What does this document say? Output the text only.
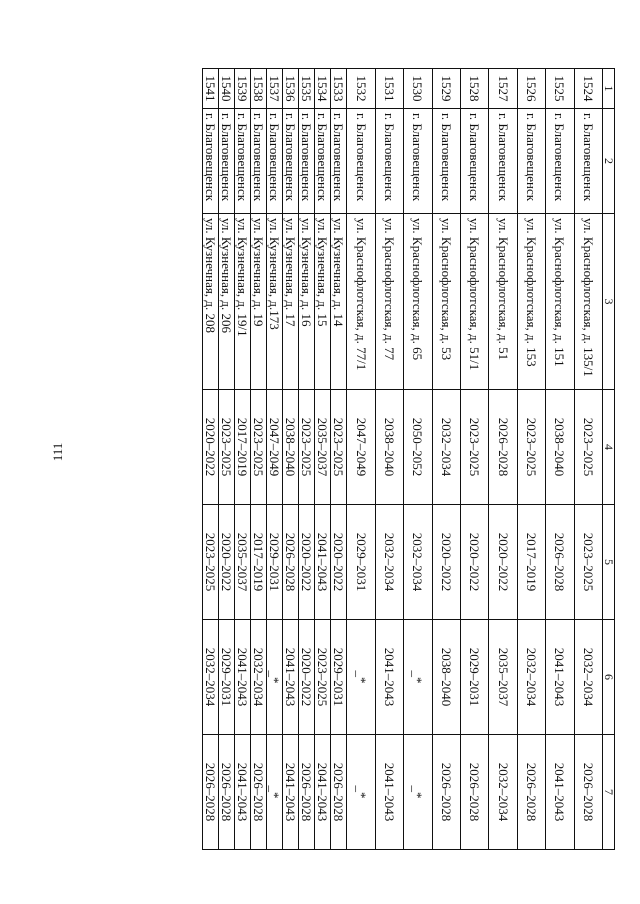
111
1	2	3	4	5	6	7
1524	г. Благовещенск	ул. Краснофлотская, д. 135/1	2023–2025	2023–2025	2032–2034	2026–2028
1525	г. Благовещенск	ул. Краснофлотская, д. 151	2038–2040	2026–2028	2041–2043	2041–2043
1526	г. Благовещенск	ул. Краснофлотская, д. 153	2023–2025	2017–2019	2032–2034	2026–2028
1527	г. Благовещенск	ул. Краснофлотская, д. 51	2026–2028	2020–2022	2035–2037	2032–2034
1528	г. Благовещенск	ул. Краснофлотская, д. 51/1	2023–2025	2020–2022	2029–2031	2026–2028
1529	г. Благовещенск	ул. Краснофлотская, д. 53	2032–2034	2020–2022	2038–2040	2026–2028
1530	г. Благовещенск	ул. Краснофлотская, д. 65	2050–2052	2032–2034	_*	_*
1531	г. Благовещенск	ул. Краснофлотская, д. 77	2038–2040	2032–2034	2041–2043	2041–2043
1532	г. Благовещенск	ул. Краснофлотская, д. 77/1	2047–2049	2029–2031	_*	_*
1533	г. Благовещенск	ул. Кузнечная, д. 14	2023–2025	2020–2022	2029–2031	2026–2028
1534	г. Благовещенск	ул. Кузнечная, д. 15	2035–2037	2041–2043	2023–2025	2041–2043
1535	г. Благовещенск	ул. Кузнечная, д. 16	2023–2025	2020–2022	2020–2022	2026–2028
1536	г. Благовещенск	ул. Кузнечная, д. 17	2038–2040	2026–2028	2041–2043	2041–2043
1537	г. Благовещенск	ул. Кузнечная, д.173	2047–2049	2029–2031	_*	_*
1538	г. Благовещенск	ул. Кузнечная, д. 19	2023–2025	2017–2019	2032–2034	2026–2028
1539	г. Благовещенск	ул. Кузнечная, д. 19/1	2017–2019	2035–2037	2041–2043	2041–2043
1540	г. Благовещенск	ул. Кузнечная, д. 206	2023–2025	2020–2022	2029–2031	2026–2028
1541	г. Благовещенск	ул. Кузнечная, д. 208	2020–2022	2023–2025	2032–2034	2026–2028
